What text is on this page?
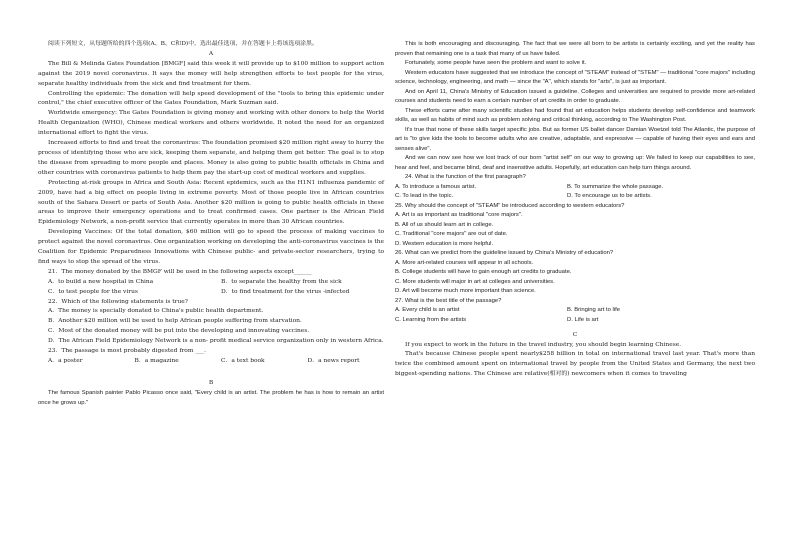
阅读下列短文，从每题所给的四个选项(A、B、C和D)中，选出最佳选项，并在答题卡上将该选项涂黑。

A

The Bill & Melinda Gates Foundation [BMGF] said this week it will provide up to $100 million to support action against the 2019 novel coronavirus. It says the money will help strengthen efforts to test people for the virus, separate healthy individuals from the sick and find treatment for them.

Controlling the epidemic: The donation will help speed development of the "tools to bring this epidemic under control," the chief executive officer of the Gates Foundation, Mark Suzman said.

Worldwide emergency: The Gates Foundation is giving money and working with other donors to help the World Health Organization (WHO), Chinese medical workers and others worldwide. It noted the need for an organized international effort to fight the virus.

Increased efforts to find and treat the coronavirus: The foundation promised $20 million right away to hurry the process of identifying those who are sick, keeping them separate, and helping them get better. The goal is to stop the disease from spreading to more people and places. Money is also going to public health officials in China and other countries with coronavirus patients to help them pay the start-up cost of medical workers and supplies.

Protecting at-risk groups in Africa and South Asia: Recent epidemics, such as the H1N1 influenza pandemic of 2009, have had a big effect on people living in extreme poverty. Most of those people live in African countries south of the Sahara Desert or parts of South Asia. Another $20 million is going to public health officials in these areas to improve their emergency operations and to treat confirmed cases. One partner is the African Field Epidemiology Network, a non-profit service that currently operates in more than 30 African countries.

Developing Vaccines: Of the total donation, $60 million will go to speed the process of making vaccines to protect against the novel coronavirus. One organization working on developing the anti-coronavirus vaccines is the Coalition for Epidemic Preparedness Innovations with Chinese public- and private-sector researchers, trying to find ways to stop the spread of the virus.

21．The money donated by the BMGF will be used in the following aspects except______

A．to build a new hospital in China	B．to separate the healthy from the sick
C．to test people for the virus	D．to find treatment for the virus -infected

22．Which of the following statements is true?

A．The money is specially donated to China's public health department.

B．Another $20 million will be used to help African people suffering from starvation.

C．Most of the donated money will be put into the developing and innovating vaccines.

D．The African Field Epidemiology Network is a non- profit medical service organization only in western Africa.

23．The passage is most probably digested from ___.

A．a poster	B．a magazine	C．a text book	D．a news report

B

The famous Spanish painter Pablo Picasso once said, "Every child is an artist. The problem he has is how to remain an artist once he grows up."

This is both encouraging and discouraging. The fact that we were all born to be artists is certainly exciting, and yet the reality has proven that remaining one is a task that many of us have failed.

Fortunately, some people have seen the problem and want to solve it.

Western educators have suggested that we introduce the concept of "STEAM" instead of "STEM" — traditional "core majors" including science, technology, engineering, and math — since the "A", which stands for "arts", is just as important.

And on April 11, China's Ministry of Education issued a guideline. Colleges and universities are required to provide more art-related courses and students need to earn a certain number of art credits in order to graduate.

These efforts came after many scientific studies had found that art education helps students develop self-confidence and teamwork skills, as well as habits of mind such as problem solving and critical thinking, according to The Washington Post.

It's true that none of these skills target specific jobs. But as former US ballet dancer Damian Woetzel told The Atlantic, the purpose of art is "to give kids the tools to become adults who are creative, adaptable, and expressive — capable of having their eyes and ears and senses alive".

And we can now see how we lost track of our born "artist self" on our way to growing up: We failed to keep our capabilities to see, hear and feel, and became blind, deaf and insensitive adults. Hopefully, art education can help turn things around.

24. What is the function of the first paragraph?

A. To introduce a famous artist.	B. To summarize the whole passage.
C. To lead in the topic.	D. To encourage us to be artists.

25. Why should the concept of "STEAM" be introduced according to western educators?

A. Art is as important as traditional "core majors".

B. All of us should learn art in college.

C. Traditional "core majors" are out of date.

D. Western education is more helpful.

26. What can we predict from the guideline issued by China's Ministry of education?

A. More art-related courses will appear in all schools.

B. College students will have to gain enough art credits to graduate.

C. More students will major in art at colleges and universities.

D. Art will become much more important than science.

27. What is the best title of the passage?

A. Every child is an artist	B. Bringing art to life
C. Learning from the artists	D. Life is art

C

If you expect to work in the future in the travel industry, you should begin learning Chinese.

That's because Chinese people spent nearly$258 billion in total on international travel last year. That's more than twice the combined amount spent on international travel by people from the United States and Germany, the next two biggest-spending nations. The Chinese are relative(相对的) newcomers when it comes to traveling
